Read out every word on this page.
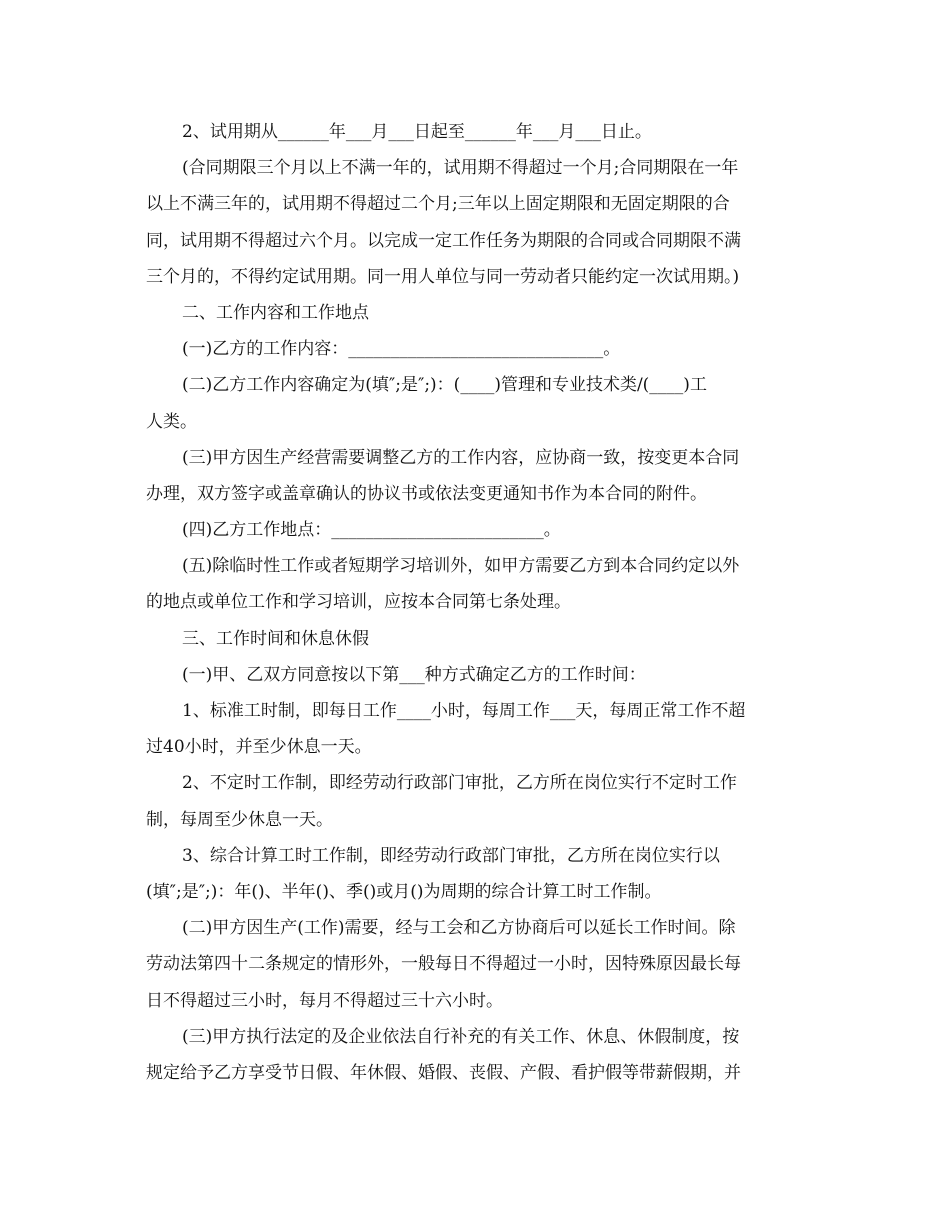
2、试用期从______年___月___日起至______年___月___日止。
(合同期限三个月以上不满一年的，试用期不得超过一个月;合同期限在一年
以上不满三年的，试用期不得超过二个月;三年以上固定期限和无固定期限的合
同，试用期不得超过六个月。以完成一定工作任务为期限的合同或合同期限不满
三个月的，不得约定试用期。同一用人单位与同一劳动者只能约定一次试用期。)
二、工作内容和工作地点
(一)乙方的工作内容：______________________________。
(二)乙方工作内容确定为(填″;是″;)：(____)管理和专业技术类/(____)工
人类。
(三)甲方因生产经营需要调整乙方的工作内容，应协商一致，按变更本合同
办理，双方签字或盖章确认的协议书或依法变更通知书作为本合同的附件。
(四)乙方工作地点：_________________________。
(五)除临时性工作或者短期学习培训外，如甲方需要乙方到本合同约定以外
的地点或单位工作和学习培训，应按本合同第七条处理。
三、工作时间和休息休假
(一)甲、乙双方同意按以下第___种方式确定乙方的工作时间：
1、标准工时制，即每日工作____小时，每周工作___天，每周正常工作不超
过40小时，并至少休息一天。
2、不定时工作制，即经劳动行政部门审批，乙方所在岗位实行不定时工作
制，每周至少休息一天。
3、综合计算工时工作制，即经劳动行政部门审批，乙方所在岗位实行以
(填″;是″;)：年()、半年()、季()或月()为周期的综合计算工时工作制。
(二)甲方因生产(工作)需要，经与工会和乙方协商后可以延长工作时间。除
劳动法第四十二条规定的情形外，一般每日不得超过一小时，因特殊原因最长每
日不得超过三小时，每月不得超过三十六小时。
(三)甲方执行法定的及企业依法自行补充的有关工作、休息、休假制度，按
规定给予乙方享受节日假、年休假、婚假、丧假、产假、看护假等带薪假期，并
